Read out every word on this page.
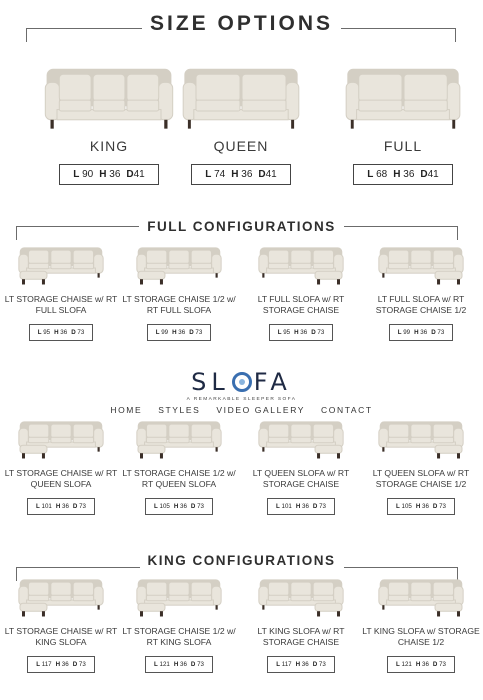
SIZE OPTIONS
KING
L 90 H 36 D41
QUEEN
L 74 H 36 D41
FULL
L 68 H 36 D41
FULL CONFIGURATIONS
LT STORAGE CHAISE w/ RT FULL SLOFA
L 95 H 36 D 73
LT STORAGE CHAISE 1/2 w/ RT FULL SLOFA
L 99 H 36 D 73
LT FULL SLOFA w/ RT STORAGE CHAISE
L 95 H 36 D 73
LT FULL SLOFA w/ RT STORAGE CHAISE 1/2
L 99 H 36 D 73
SL FA
A REMARKABLE SLEEPER SOFA
HOME STYLES VIDEO GALLERY CONTACT
LT STORAGE CHAISE w/ RT QUEEN SLOFA
L 101 H 36 D 73
LT STORAGE CHAISE 1/2 w/ RT QUEEN SLOFA
L 105 H 36 D 73
LT QUEEN SLOFA w/ RT STORAGE CHAISE
L 101 H 36 D 73
LT QUEEN SLOFA w/ RT STORAGE CHAISE 1/2
L 105 H 36 D 73
KING CONFIGURATIONS
LT STORAGE CHAISE w/ RT KING SLOFA
L 117 H 36 D 73
LT STORAGE CHAISE 1/2 w/ RT KING SLOFA
L 121 H 36 D 73
LT KING SLOFA w/ RT STORAGE CHAISE
L 117 H 36 D 73
LT KING SLOFA w/ STORAGE CHAISE 1/2
L 121 H 36 D 73
